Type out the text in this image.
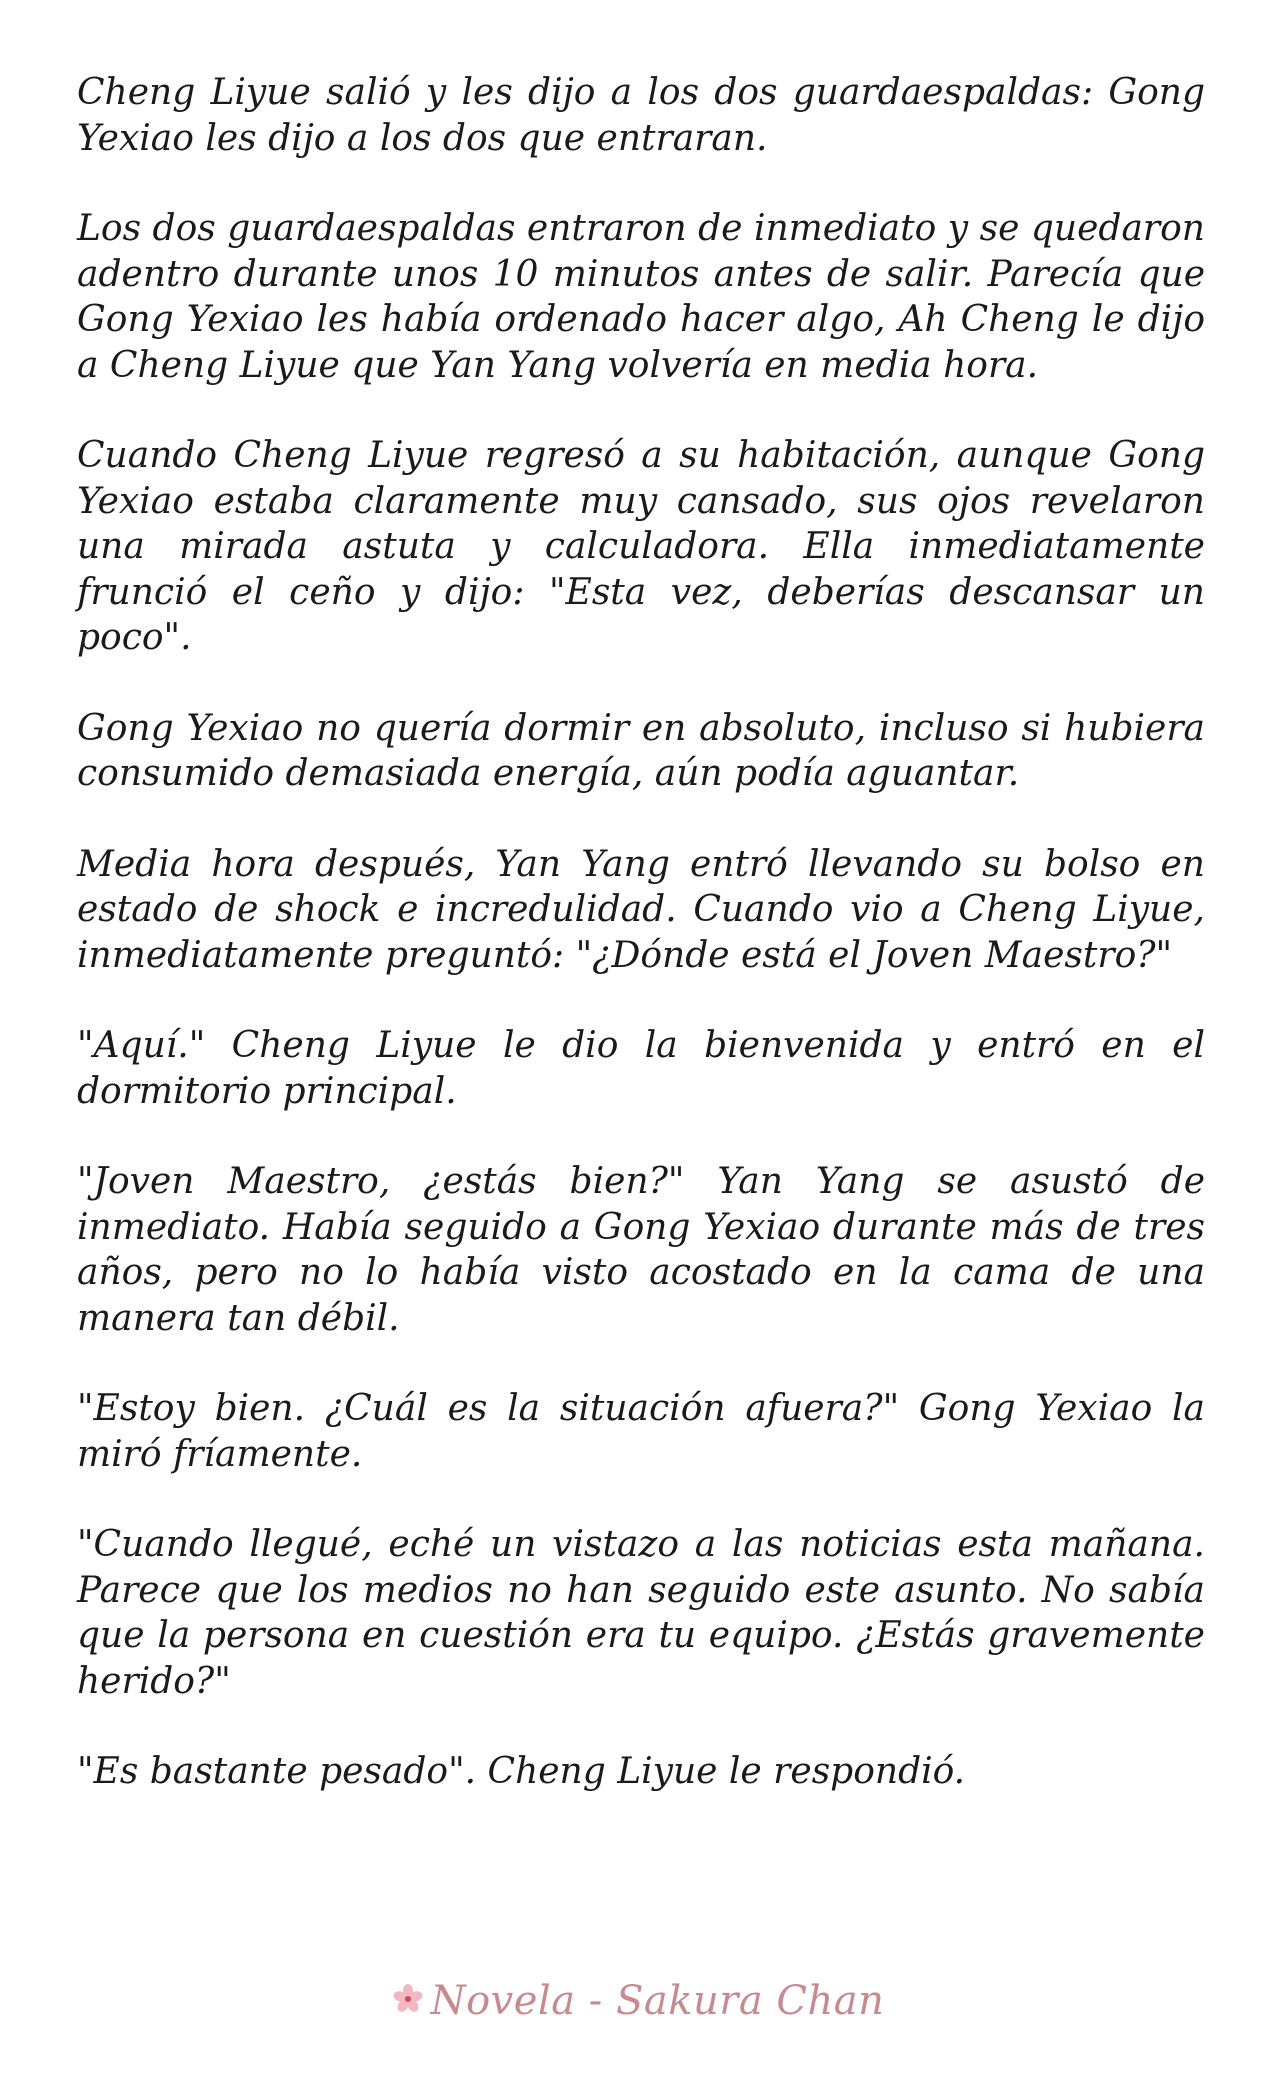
Cheng Liyue salió y les dijo a los dos guardaespaldas: Gong Yexiao les dijo a los dos que entraran.

Los dos guardaespaldas entraron de inmediato y se quedaron adentro durante unos 10 minutos antes de salir. Parecía que Gong Yexiao les había ordenado hacer algo, Ah Cheng le dijo a Cheng Liyue que Yan Yang volvería en media hora.

Cuando Cheng Liyue regresó a su habitación, aunque Gong Yexiao estaba claramente muy cansado, sus ojos revelaron una mirada astuta y calculadora. Ella inmediatamente frunció el ceño y dijo: "Esta vez, deberías descansar un poco".

Gong Yexiao no quería dormir en absoluto, incluso si hubiera consumido demasiada energía, aún podía aguantar.

Media hora después, Yan Yang entró llevando su bolso en estado de shock e incredulidad. Cuando vio a Cheng Liyue, inmediatamente preguntó: "¿Dónde está el Joven Maestro?"

"Aquí." Cheng Liyue le dio la bienvenida y entró en el dormitorio principal.

"Joven Maestro, ¿estás bien?" Yan Yang se asustó de inmediato. Había seguido a Gong Yexiao durante más de tres años, pero no lo había visto acostado en la cama de una manera tan débil.

"Estoy bien. ¿Cuál es la situación afuera?" Gong Yexiao la miró fríamente.

"Cuando llegué, eché un vistazo a las noticias esta mañana. Parece que los medios no han seguido este asunto. No sabía que la persona en cuestión era tu equipo. ¿Estás gravemente herido?"

"Es bastante pesado". Cheng Liyue le respondió.

Novela - Sakura Chan
